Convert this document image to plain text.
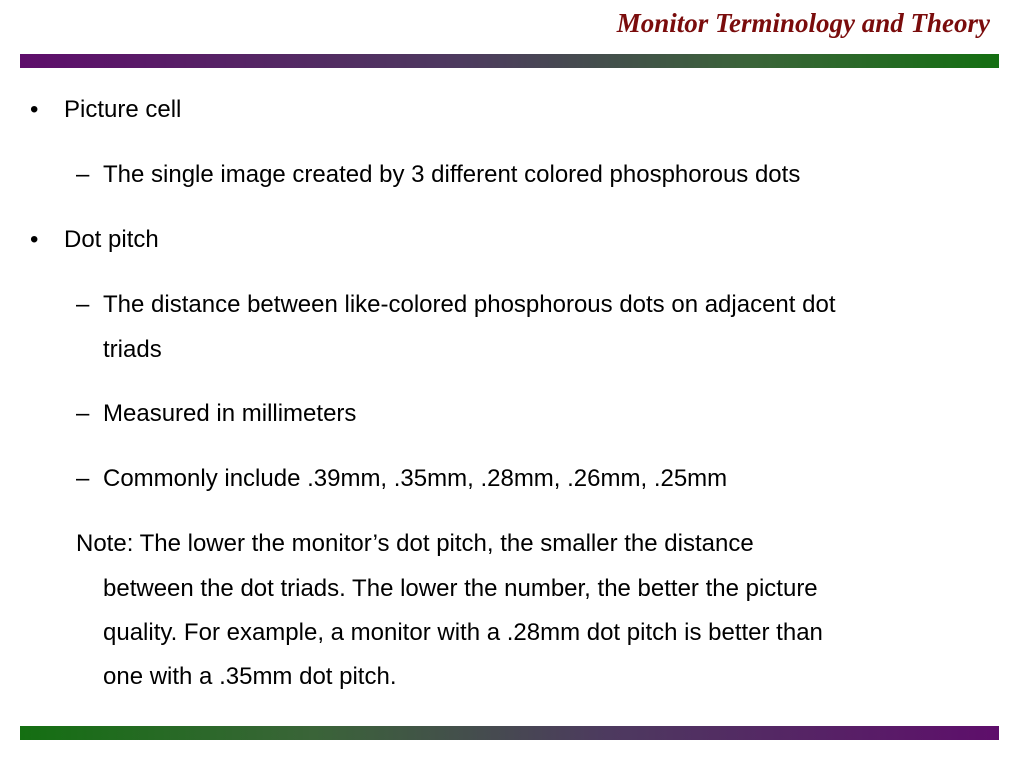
Monitor Terminology and Theory
• Picture cell
– The single image created by 3 different colored phosphorous dots
• Dot pitch
– The distance between like-colored phosphorous dots on adjacent dot
triads
– Measured in millimeters
– Commonly include .39mm, .35mm, .28mm, .26mm, .25mm
Note: The lower the monitor’s dot pitch, the smaller the distance
between the dot triads. The lower the number, the better the picture
quality. For example, a monitor with a .28mm dot pitch is better than
one with a .35mm dot pitch.
